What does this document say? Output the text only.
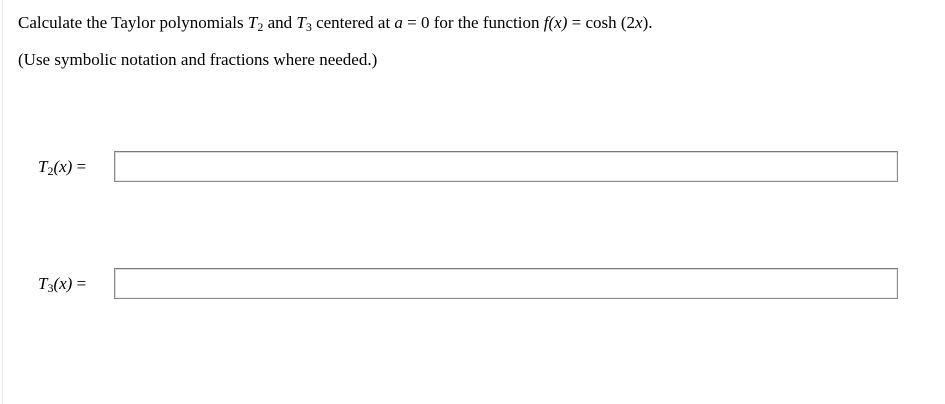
Calculate the Taylor polynomials $T_2$ and $T_3$ centered at a = 0 for the function f(x) = cosh (2x).
(Use symbolic notation and fractions where needed.)
$T_2(x)$ =
$T_3(x)$ =
